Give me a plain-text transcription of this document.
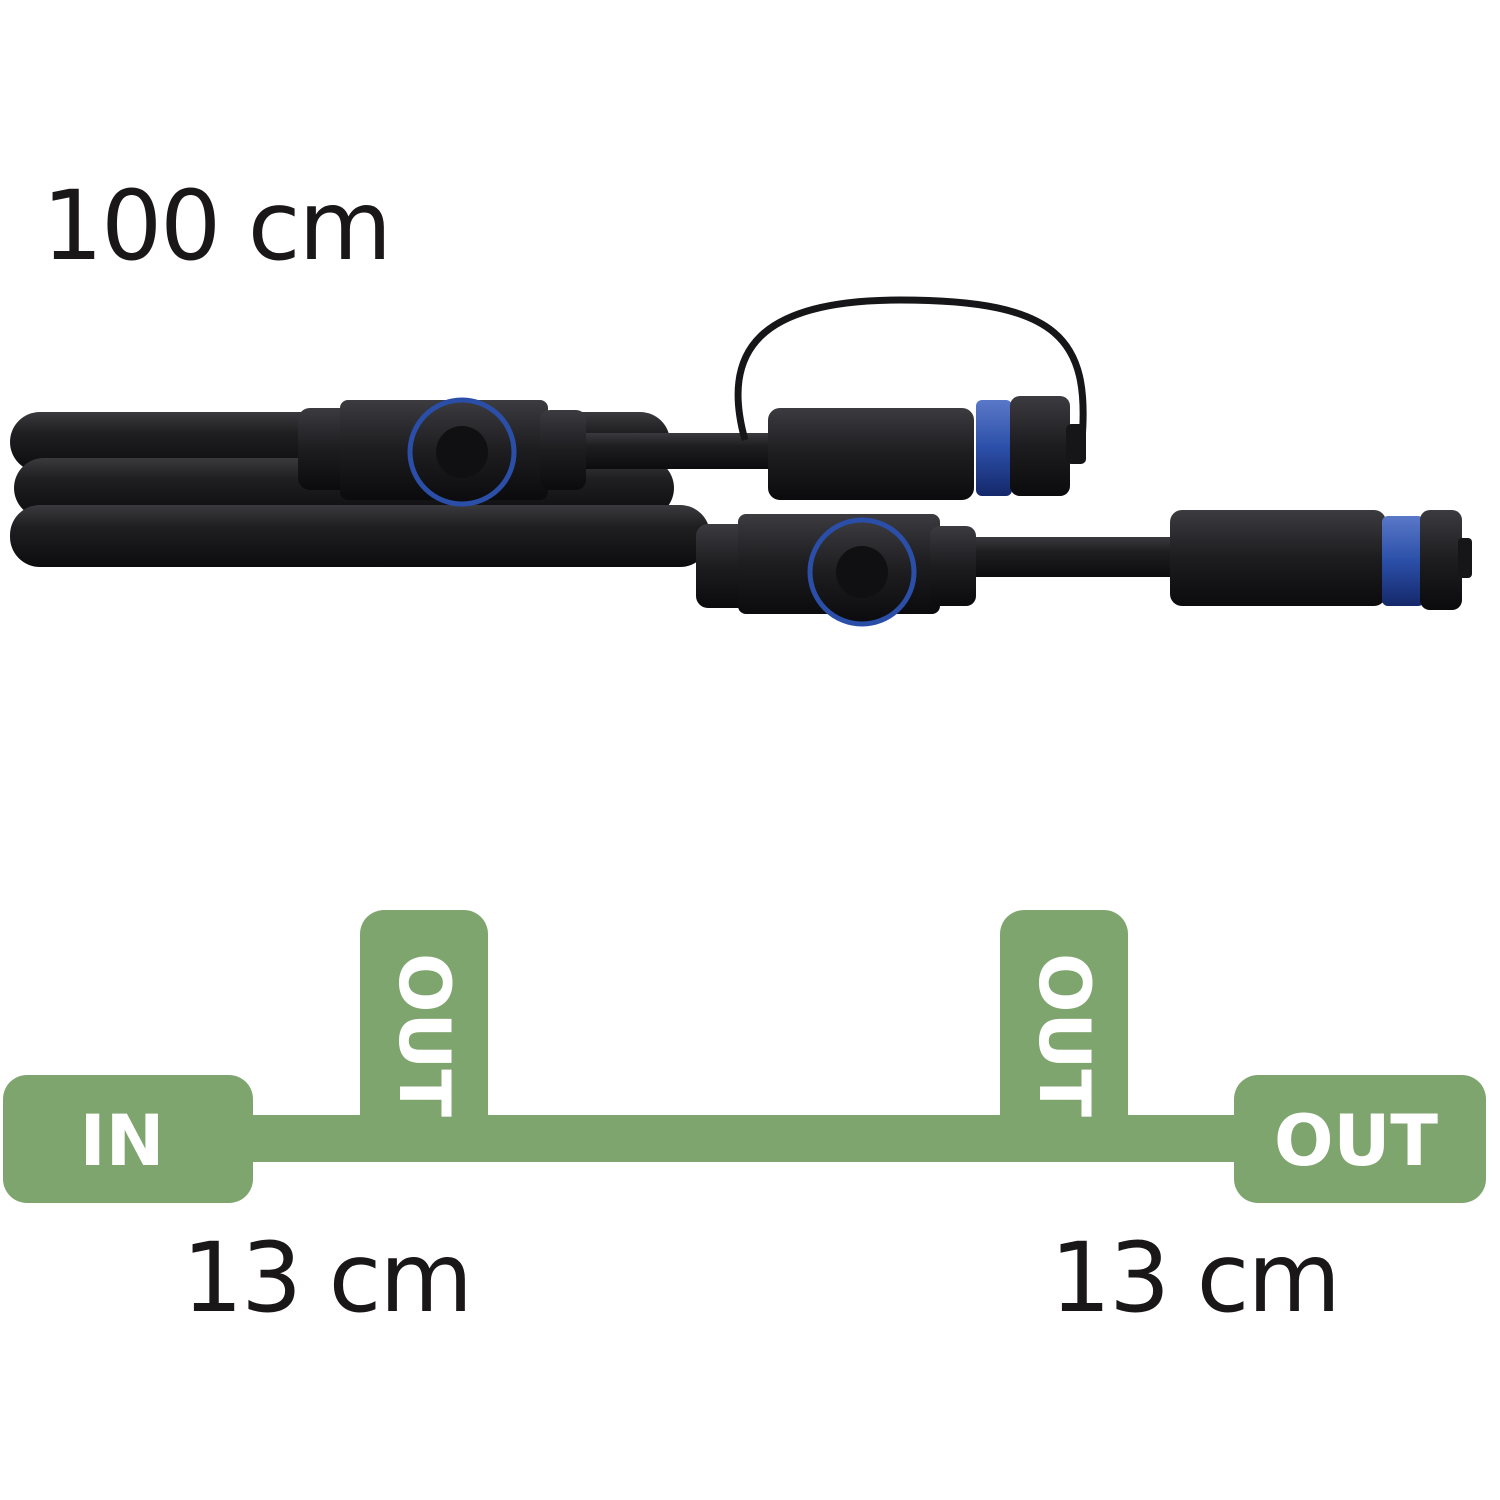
100 cm
IN
OUT	OUT
OUT
13 cm	13 cm
